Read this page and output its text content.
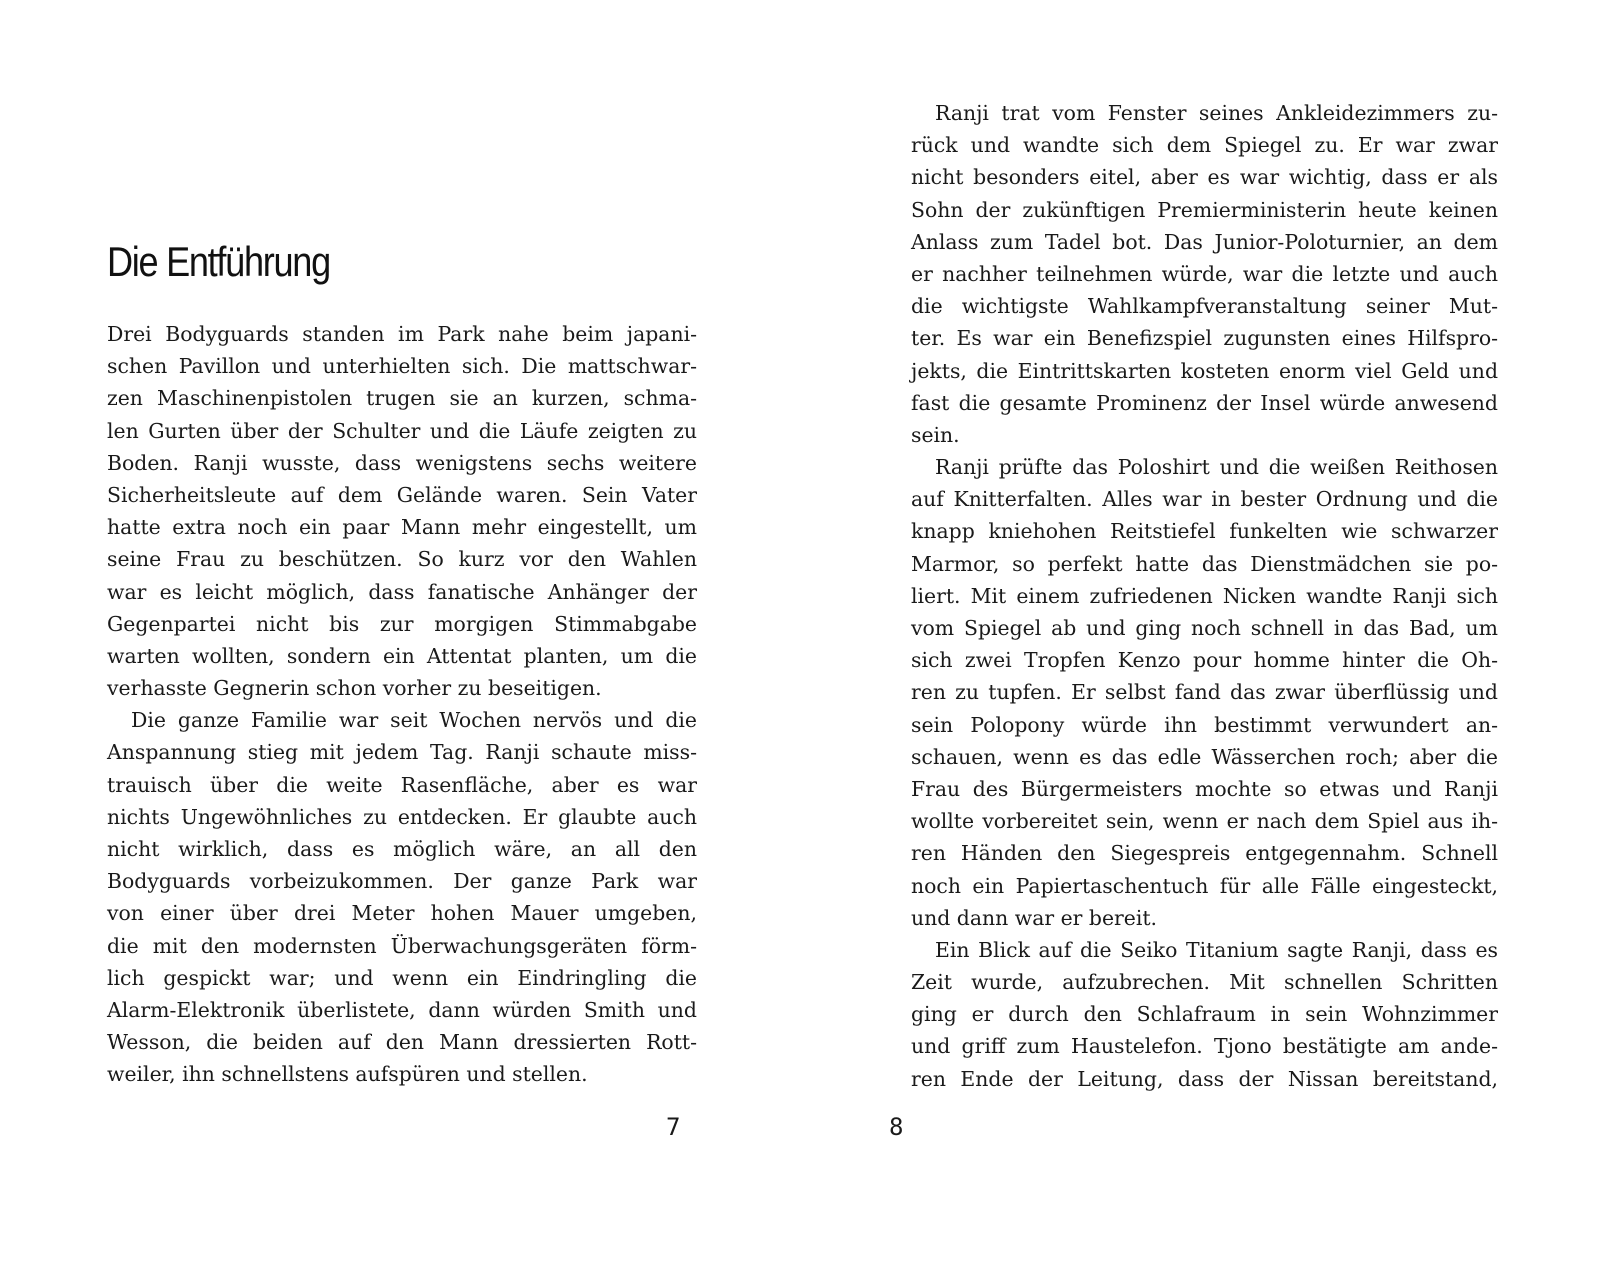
Die Entführung
Drei Bodyguards standen im Park nahe beim japani-
schen Pavillon und unterhielten sich. Die mattschwar-
zen Maschinenpistolen trugen sie an kurzen, schma-
len Gurten über der Schulter und die Läufe zeigten zu
Boden. Ranji wusste, dass wenigstens sechs weitere
Sicherheitsleute auf dem Gelände waren. Sein Vater
hatte extra noch ein paar Mann mehr eingestellt, um
seine Frau zu beschützen. So kurz vor den Wahlen
war es leicht möglich, dass fanatische Anhänger der
Gegenpartei nicht bis zur morgigen Stimmabgabe
warten wollten, sondern ein Attentat planten, um die
verhasste Gegnerin schon vorher zu beseitigen.
Die ganze Familie war seit Wochen nervös und die
Anspannung stieg mit jedem Tag. Ranji schaute miss-
trauisch über die weite Rasenfläche, aber es war
nichts Ungewöhnliches zu entdecken. Er glaubte auch
nicht wirklich, dass es möglich wäre, an all den
Bodyguards vorbeizukommen. Der ganze Park war
von einer über drei Meter hohen Mauer umgeben,
die mit den modernsten Überwachungsgeräten förm-
lich gespickt war; und wenn ein Eindringling die
Alarm-Elektronik überlistete, dann würden Smith und
Wesson, die beiden auf den Mann dressierten Rott-
weiler, ihn schnellstens aufspüren und stellen.
7
Ranji trat vom Fenster seines Ankleidezimmers zu-
rück und wandte sich dem Spiegel zu. Er war zwar
nicht besonders eitel, aber es war wichtig, dass er als
Sohn der zukünftigen Premierministerin heute keinen
Anlass zum Tadel bot. Das Junior-Poloturnier, an dem
er nachher teilnehmen würde, war die letzte und auch
die wichtigste Wahlkampfveranstaltung seiner Mut-
ter. Es war ein Benefizspiel zugunsten eines Hilfspro-
jekts, die Eintrittskarten kosteten enorm viel Geld und
fast die gesamte Prominenz der Insel würde anwesend
sein.
Ranji prüfte das Poloshirt und die weißen Reithosen
auf Knitterfalten. Alles war in bester Ordnung und die
knapp kniehohen Reitstiefel funkelten wie schwarzer
Marmor, so perfekt hatte das Dienstmädchen sie po-
liert. Mit einem zufriedenen Nicken wandte Ranji sich
vom Spiegel ab und ging noch schnell in das Bad, um
sich zwei Tropfen Kenzo pour homme hinter die Oh-
ren zu tupfen. Er selbst fand das zwar überflüssig und
sein Polopony würde ihn bestimmt verwundert an-
schauen, wenn es das edle Wässerchen roch; aber die
Frau des Bürgermeisters mochte so etwas und Ranji
wollte vorbereitet sein, wenn er nach dem Spiel aus ih-
ren Händen den Siegespreis entgegennahm. Schnell
noch ein Papiertaschentuch für alle Fälle eingesteckt,
und dann war er bereit.
Ein Blick auf die Seiko Titanium sagte Ranji, dass es
Zeit wurde, aufzubrechen. Mit schnellen Schritten
ging er durch den Schlafraum in sein Wohnzimmer
und griff zum Haustelefon. Tjono bestätigte am ande-
ren Ende der Leitung, dass der Nissan bereitstand,
8
